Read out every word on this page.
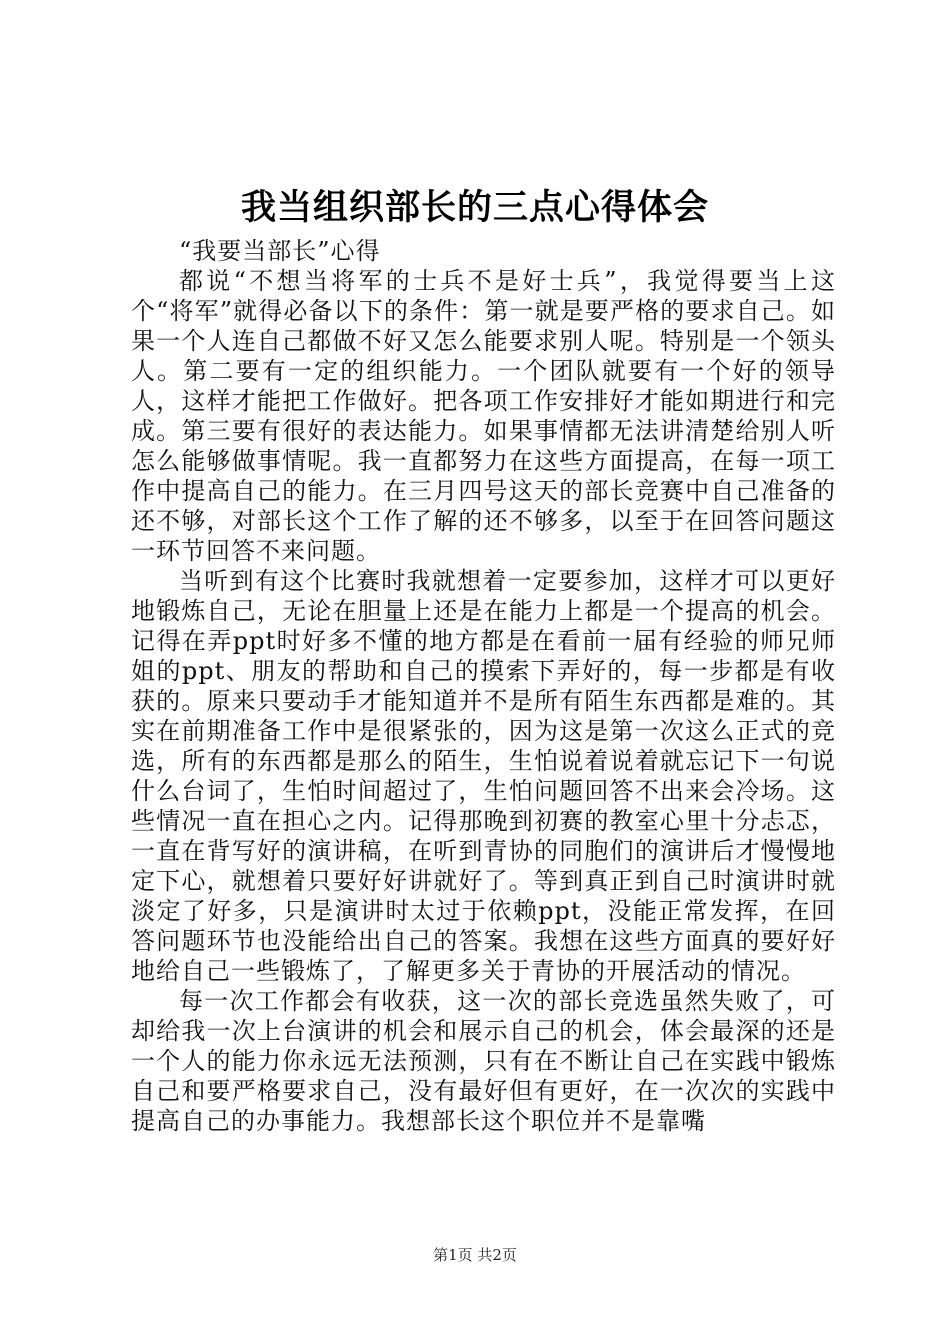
我当组织部长的三点心得体会

“我要当部长”心得

都说“不想当将军的士兵不是好士兵”，我觉得要当上这个“将军”就得必备以下的条件：第一就是要严格的要求自己。如果一个人连自己都做不好又怎么能要求别人呢。特别是一个领头人。第二要有一定的组织能力。一个团队就要有一个好的领导人，这样才能把工作做好。把各项工作安排好才能如期进行和完成。第三要有很好的表达能力。如果事情都无法讲清楚给别人听怎么能够做事情呢。我一直都努力在这些方面提高，在每一项工作中提高自己的能力。在三月四号这天的部长竞赛中自己准备的还不够，对部长这个工作了解的还不够多，以至于在回答问题这一环节回答不来问题。

当听到有这个比赛时我就想着一定要参加，这样才可以更好地锻炼自己，无论在胆量上还是在能力上都是一个提高的机会。记得在弄ppt时好多不懂的地方都是在看前一届有经验的师兄师姐的ppt、朋友的帮助和自己的摸索下弄好的，每一步都是有收获的。原来只要动手才能知道并不是所有陌生东西都是难的。其实在前期准备工作中是很紧张的，因为这是第一次这么正式的竞选，所有的东西都是那么的陌生，生怕说着说着就忘记下一句说什么台词了，生怕时间超过了，生怕问题回答不出来会冷场。这些情况一直在担心之内。记得那晚到初赛的教室心里十分忐忑，一直在背写好的演讲稿，在听到青协的同胞们的演讲后才慢慢地定下心，就想着只要好好讲就好了。等到真正到自己时演讲时就淡定了好多，只是演讲时太过于依赖ppt，没能正常发挥，在回答问题环节也没能给出自己的答案。我想在这些方面真的要好好地给自己一些锻炼了，了解更多关于青协的开展活动的情况。

每一次工作都会有收获，这一次的部长竞选虽然失败了，可却给我一次上台演讲的机会和展示自己的机会，体会最深的还是一个人的能力你永远无法预测，只有在不断让自己在实践中锻炼自己和要严格要求自己，没有最好但有更好，在一次次的实践中提高自己的办事能力。我想部长这个职位并不是靠嘴

第1页 共2页
